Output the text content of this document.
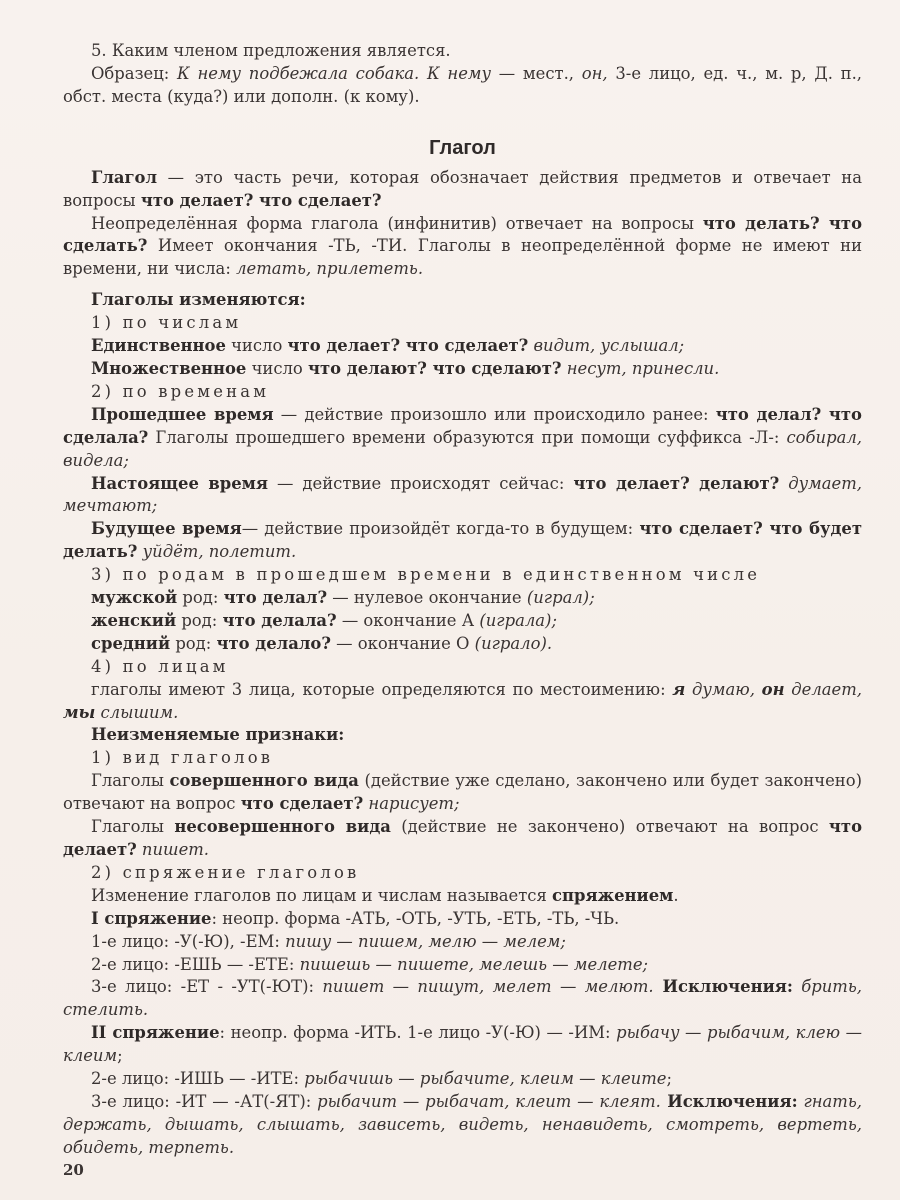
5. Каким членом предложения является.

Образец: К нему подбежала собака. К нему — мест., он, 3-е лицо, ед. ч., м. р, Д. п., обст. места (куда?) или дополн. (к кому).

Глагол

Глагол — это часть речи, которая обозначает действия предметов и отвечает на вопросы что делает? что сделает?

Неопределённая форма глагола (инфинитив) отвечает на вопросы что делать? что сделать? Имеет окончания -ТЬ, -ТИ. Глаголы в неопределённой форме не имеют ни времени, ни числа: летать, прилететь.

Глаголы изменяются:

1) по числам

Единственное число что делает? что сделает? видит, услышал;

Множественное число что делают? что сделают? несут, принесли.

2) по временам

Прошедшее время — действие произошло или происходило ранее: что делал? что сделала? Глаголы прошедшего времени образуются при помощи суффикса -Л-: собирал, видела;

Настоящее время — действие происходят сейчас: что делает? делают? думает, мечтают;

Будущее время— действие произойдёт когда-то в будущем: что сделает? что будет делать? уйдёт, полетит.

3) по родам в прошедшем времени в единственном числе

мужской род: что делал? — нулевое окончание (играл);

женский род: что делала? — окончание А (играла);

средний род: что делало? — окончание О (играло).

4) по лицам

глаголы имеют 3 лица, которые определяются по местоимению: я думаю, он делает, мы слышим.

Неизменяемые признаки:

1) вид глаголов

Глаголы совершенного вида (действие уже сделано, закончено или будет закончено) отвечают на вопрос что сделает? нарисует;

Глаголы несовершенного вида (действие не закончено) отвечают на вопрос что делает? пишет.

2) спряжение глаголов

Изменение глаголов по лицам и числам называется спряжением.

I спряжение: неопр. форма -АТЬ, -ОТЬ, -УТЬ, -ЕТЬ, -ТЬ, -ЧЬ.

1-е лицо: -У(-Ю), -ЕМ: пишу — пишем, мелю — мелем;

2-е лицо: -ЕШЬ — -ЕТЕ: пишешь — пишете, мелешь — мелете;

3-е лицо: -ЕТ - -УТ(-ЮТ): пишет — пишут, мелет — мелют. Исключения: брить, стелить.

II спряжение: неопр. форма -ИТЬ. 1-е лицо -У(-Ю) — -ИМ: рыбачу — рыбачим, клею — клеим;

2-е лицо: -ИШЬ — -ИТЕ: рыбачишь — рыбачите, клеим — клеите;

3-е лицо: -ИТ — -АТ(-ЯТ): рыбачит — рыбачат, клеит — клеят. Исключения: гнать, держать, дышать, слышать, зависеть, видеть, ненавидеть, смотреть, вертеть, обидеть, терпеть.

20
